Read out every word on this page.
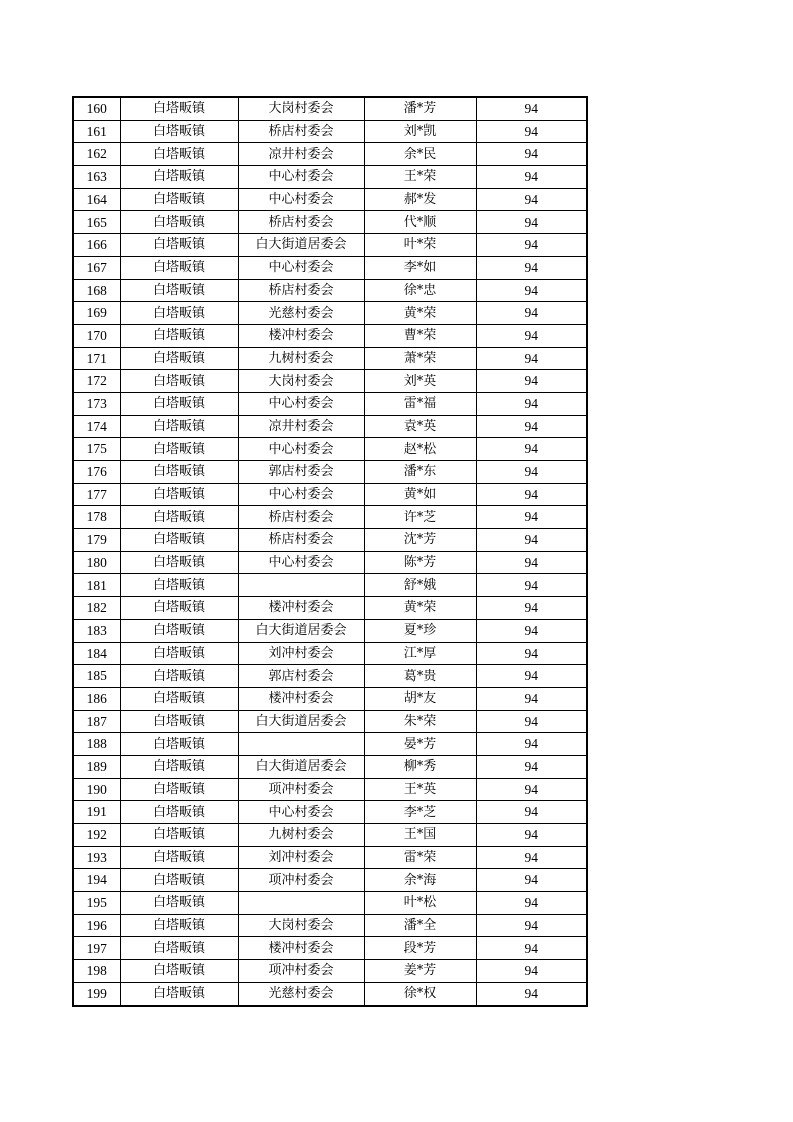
160	白塔畈镇	大岗村委会	潘*芳	94
161	白塔畈镇	桥店村委会	刘*凯	94
162	白塔畈镇	凉井村委会	余*民	94
163	白塔畈镇	中心村委会	王*荣	94
164	白塔畈镇	中心村委会	郝*发	94
165	白塔畈镇	桥店村委会	代*顺	94
166	白塔畈镇	白大街道居委会	叶*荣	94
167	白塔畈镇	中心村委会	李*如	94
168	白塔畈镇	桥店村委会	徐*忠	94
169	白塔畈镇	光慈村委会	黄*荣	94
170	白塔畈镇	楼冲村委会	曹*荣	94
171	白塔畈镇	九树村委会	萧*荣	94
172	白塔畈镇	大岗村委会	刘*英	94
173	白塔畈镇	中心村委会	雷*福	94
174	白塔畈镇	凉井村委会	袁*英	94
175	白塔畈镇	中心村委会	赵*松	94
176	白塔畈镇	郭店村委会	潘*东	94
177	白塔畈镇	中心村委会	黄*如	94
178	白塔畈镇	桥店村委会	许*芝	94
179	白塔畈镇	桥店村委会	沈*芳	94
180	白塔畈镇	中心村委会	陈*芳	94
181	白塔畈镇		舒*娥	94
182	白塔畈镇	楼冲村委会	黄*荣	94
183	白塔畈镇	白大街道居委会	夏*珍	94
184	白塔畈镇	刘冲村委会	江*厚	94
185	白塔畈镇	郭店村委会	葛*贵	94
186	白塔畈镇	楼冲村委会	胡*友	94
187	白塔畈镇	白大街道居委会	朱*荣	94
188	白塔畈镇		晏*芳	94
189	白塔畈镇	白大街道居委会	柳*秀	94
190	白塔畈镇	项冲村委会	王*英	94
191	白塔畈镇	中心村委会	李*芝	94
192	白塔畈镇	九树村委会	王*国	94
193	白塔畈镇	刘冲村委会	雷*荣	94
194	白塔畈镇	项冲村委会	余*海	94
195	白塔畈镇		叶*松	94
196	白塔畈镇	大岗村委会	潘*全	94
197	白塔畈镇	楼冲村委会	段*芳	94
198	白塔畈镇	项冲村委会	姜*芳	94
199	白塔畈镇	光慈村委会	徐*权	94
